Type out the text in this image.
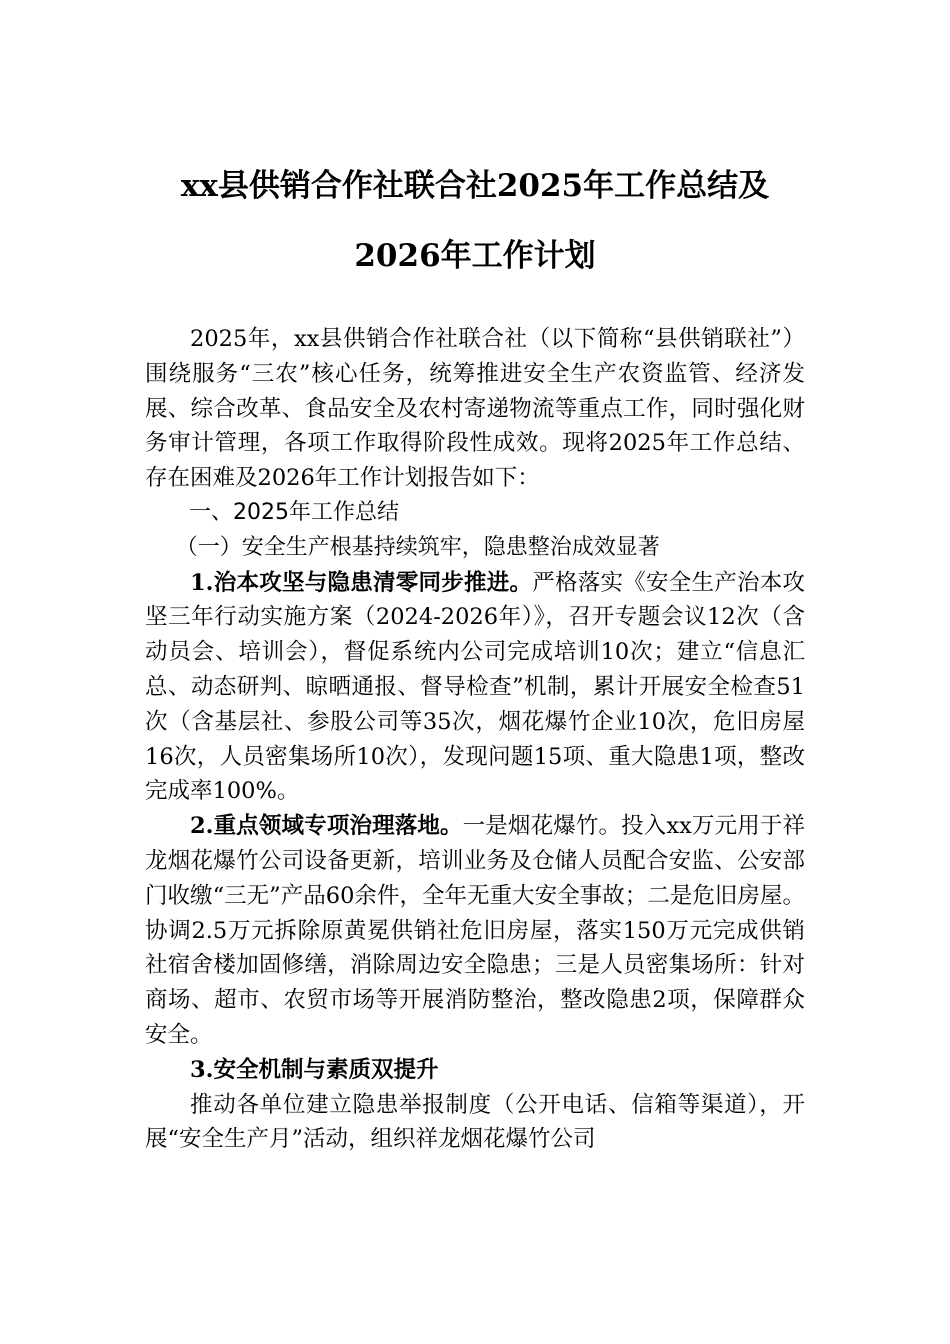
xx县供销合作社联合社2025年工作总结及
2026年工作计划

2025年，xx县供销合作社联合社（以下简称“县供销联社”）围绕服务“三农”核心任务，统筹推进安全生产农资监管、经济发展、综合改革、食品安全及农村寄递物流等重点工作，同时强化财务审计管理，各项工作取得阶段性成效。现将2025年工作总结、存在困难及2026年工作计划报告如下：

一、2025年工作总结

（一）安全生产根基持续筑牢，隐患整治成效显著

1.治本攻坚与隐患清零同步推进。严格落实《安全生产治本攻坚三年行动实施方案（2024-2026年）》，召开专题会议12次（含动员会、培训会），督促系统内公司完成培训10次；建立“信息汇总、动态研判、晾晒通报、督导检查”机制，累计开展安全检查51次（含基层社、参股公司等35次，烟花爆竹企业10次，危旧房屋16次，人员密集场所10次），发现问题15项、重大隐患1项，整改完成率100%。

2.重点领域专项治理落地。一是烟花爆竹。投入xx万元用于祥龙烟花爆竹公司设备更新，培训业务及仓储人员配合安监、公安部门收缴“三无”产品60余件，全年无重大安全事故；二是危旧房屋。协调2.5万元拆除原黄冕供销社危旧房屋，落实150万元完成供销社宿舍楼加固修缮，消除周边安全隐患；三是人员密集场所：针对商场、超市、农贸市场等开展消防整治，整改隐患2项，保障群众安全。

3.安全机制与素质双提升

推动各单位建立隐患举报制度（公开电话、信箱等渠道），开展“安全生产月”活动，组织祥龙烟花爆竹公司
